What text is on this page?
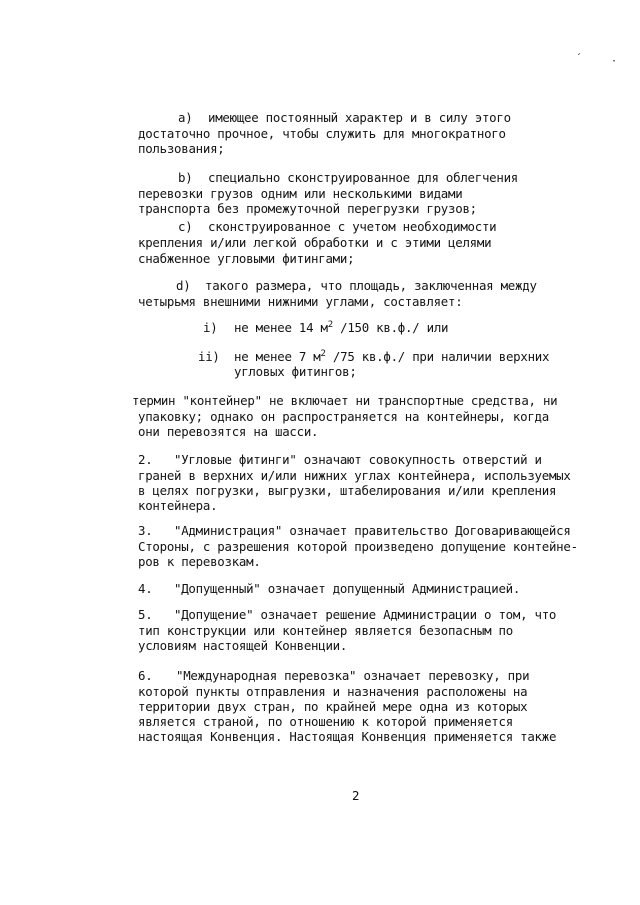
ˏ
·
a) имеющее постоянный характер и в силу этого
достаточно прочное, чтобы служить для многократного
пользования;
b) специально сконструированное для облегчения
перевозки грузов одним или несколькими видами
транспорта без промежуточной перегрузки грузов;
c) сконструированное с учетом необходимости
крепления и/или легкой обработки и с этими целями
снабженное угловыми фитингами;
d) такого размера, что площадь, заключенная между
четырьмя внешними нижними углами, составляет:
i) не менее 14 $м^2$ /150 кв.ф./ или
ii) не менее 7 $м^2$ /75 кв.ф./ при наличии верхних
угловых фитингов;
термин "контейнер" не включает ни транспортные средства, ни
упаковку; однако он распространяется на контейнеры, когда
они перевозятся на шасси.
2. "Угловые фитинги" означают совокупность отверстий и
граней в верхних и/или нижних углах контейнера, используемых
в целях погрузки, выгрузки, штабелирования и/или крепления
контейнера.
3. "Администрация" означает правительство Договаривающейся
Стороны, с разрешения которой произведено допущение контейне-
ров к перевозкам.
4. "Допущенный" означает допущенный Администрацией.
5. "Допущение" означает решение Администрации о том, что
тип конструкции или контейнер является безопасным по
условиям настоящей Конвенции.
6. "Международная перевозка" означает перевозку, при
которой пункты отправления и назначения расположены на
территории двух стран, по крайней мере одна из которых
является страной, по отношению к которой применяется
настоящая Конвенция. Настоящая Конвенция применяется также
2
